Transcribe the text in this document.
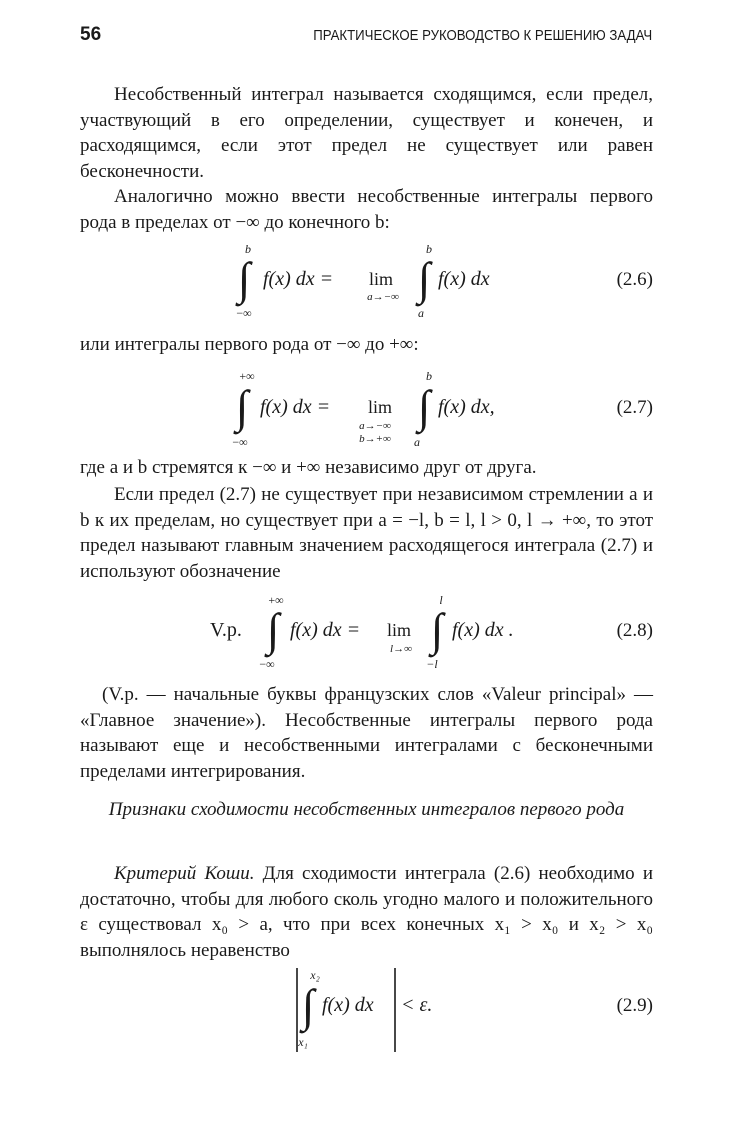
56	ПРАКТИЧЕСКОЕ РУКОВОДСТВО К РЕШЕНИЮ ЗАДАЧ

Несобственный интеграл называется сходящимся, если предел, участвующий в его определении, существует и конечен, и расходящимся, если этот предел не существует или равен бесконечности.

Аналогично можно ввести несобственные интегралы первого рода в пределах от −∞ до конечного b:

b
∫
−∞
f(x) dx = lim
a→−∞
b
∫
a
f(x) dx	(2.6)

или интегралы первого рода от −∞ до +∞:

+∞
∫
−∞
f(x) dx = lim
a→−∞
b→+∞
b
∫
a
f(x) dx,	(2.7)

где a и b стремятся к −∞ и +∞ независимо друг от друга.

Если предел (2.7) не существует при независимом стремлении a и b к их пределам, но существует при a = −l, b = l, l > 0, l → +∞, то этот предел называют главным значением расходящегося интеграла (2.7) и используют обозначение

V.p.
+∞
∫
−∞
f(x) dx = lim
l→∞
l
∫
−l
f(x) dx .	(2.8)

(V.p. — начальные буквы французских слов «Valeur principal» — «Главное значение»). Несобственные интегралы первого рода называют еще и несобственными интегралами с бесконечными пределами интегрирования.

Признаки сходимости несобственных интегралов первого рода

Критерий Коши. Для сходимости интеграла (2.6) необходимо и достаточно, чтобы для любого сколь угодно малого и положительного ε существовал x₀ > a, что при всех конечных x₁ > x₀ и x₂ > x₀ выполнялось неравенство

x₂
∫
x₁
f(x) dx < ε.	(2.9)
